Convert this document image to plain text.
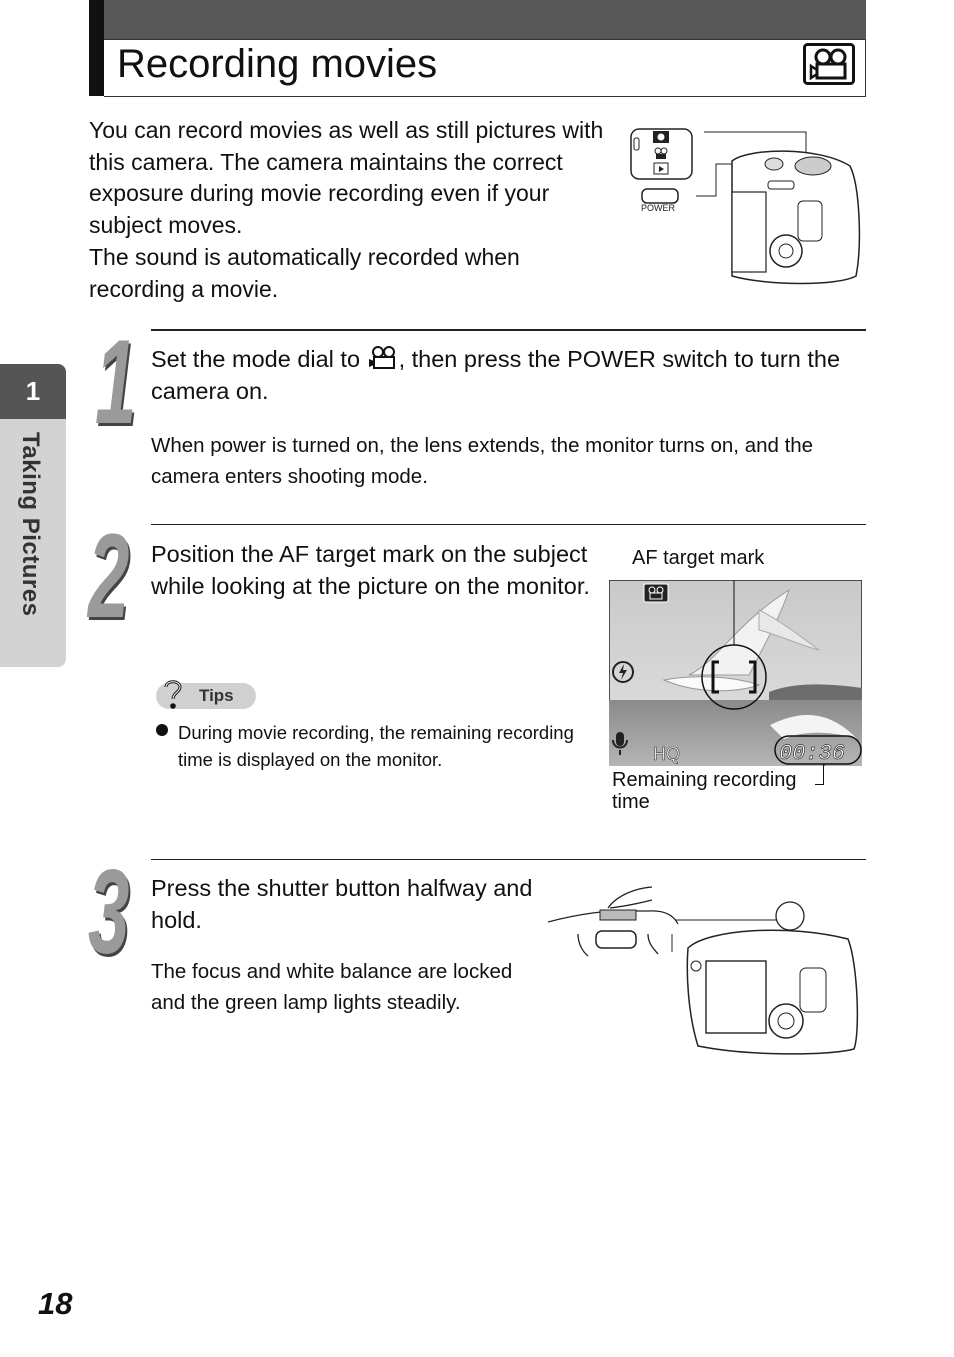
Recording movies
1
Taking Pictures

You can record movies as well as still pictures with this camera. The camera maintains the correct exposure during movie recording even if your subject moves.

The sound is automatically recorded when recording a movie.

POWER
1 Set the mode dial to , then press the POWER switch to turn the camera on.
When power is turned on, the lens extends, the monitor turns on, and the camera enters shooting mode.
2 Position the AF target mark on the subject while looking at the picture on the monitor.
Tips
During movie recording, the remaining recording time is displayed on the monitor.
AF target mark
HQ	00:36
Remaining recording time
3 Press the shutter button halfway and hold.
The focus and white balance are locked and the green lamp lights steadily.
18
